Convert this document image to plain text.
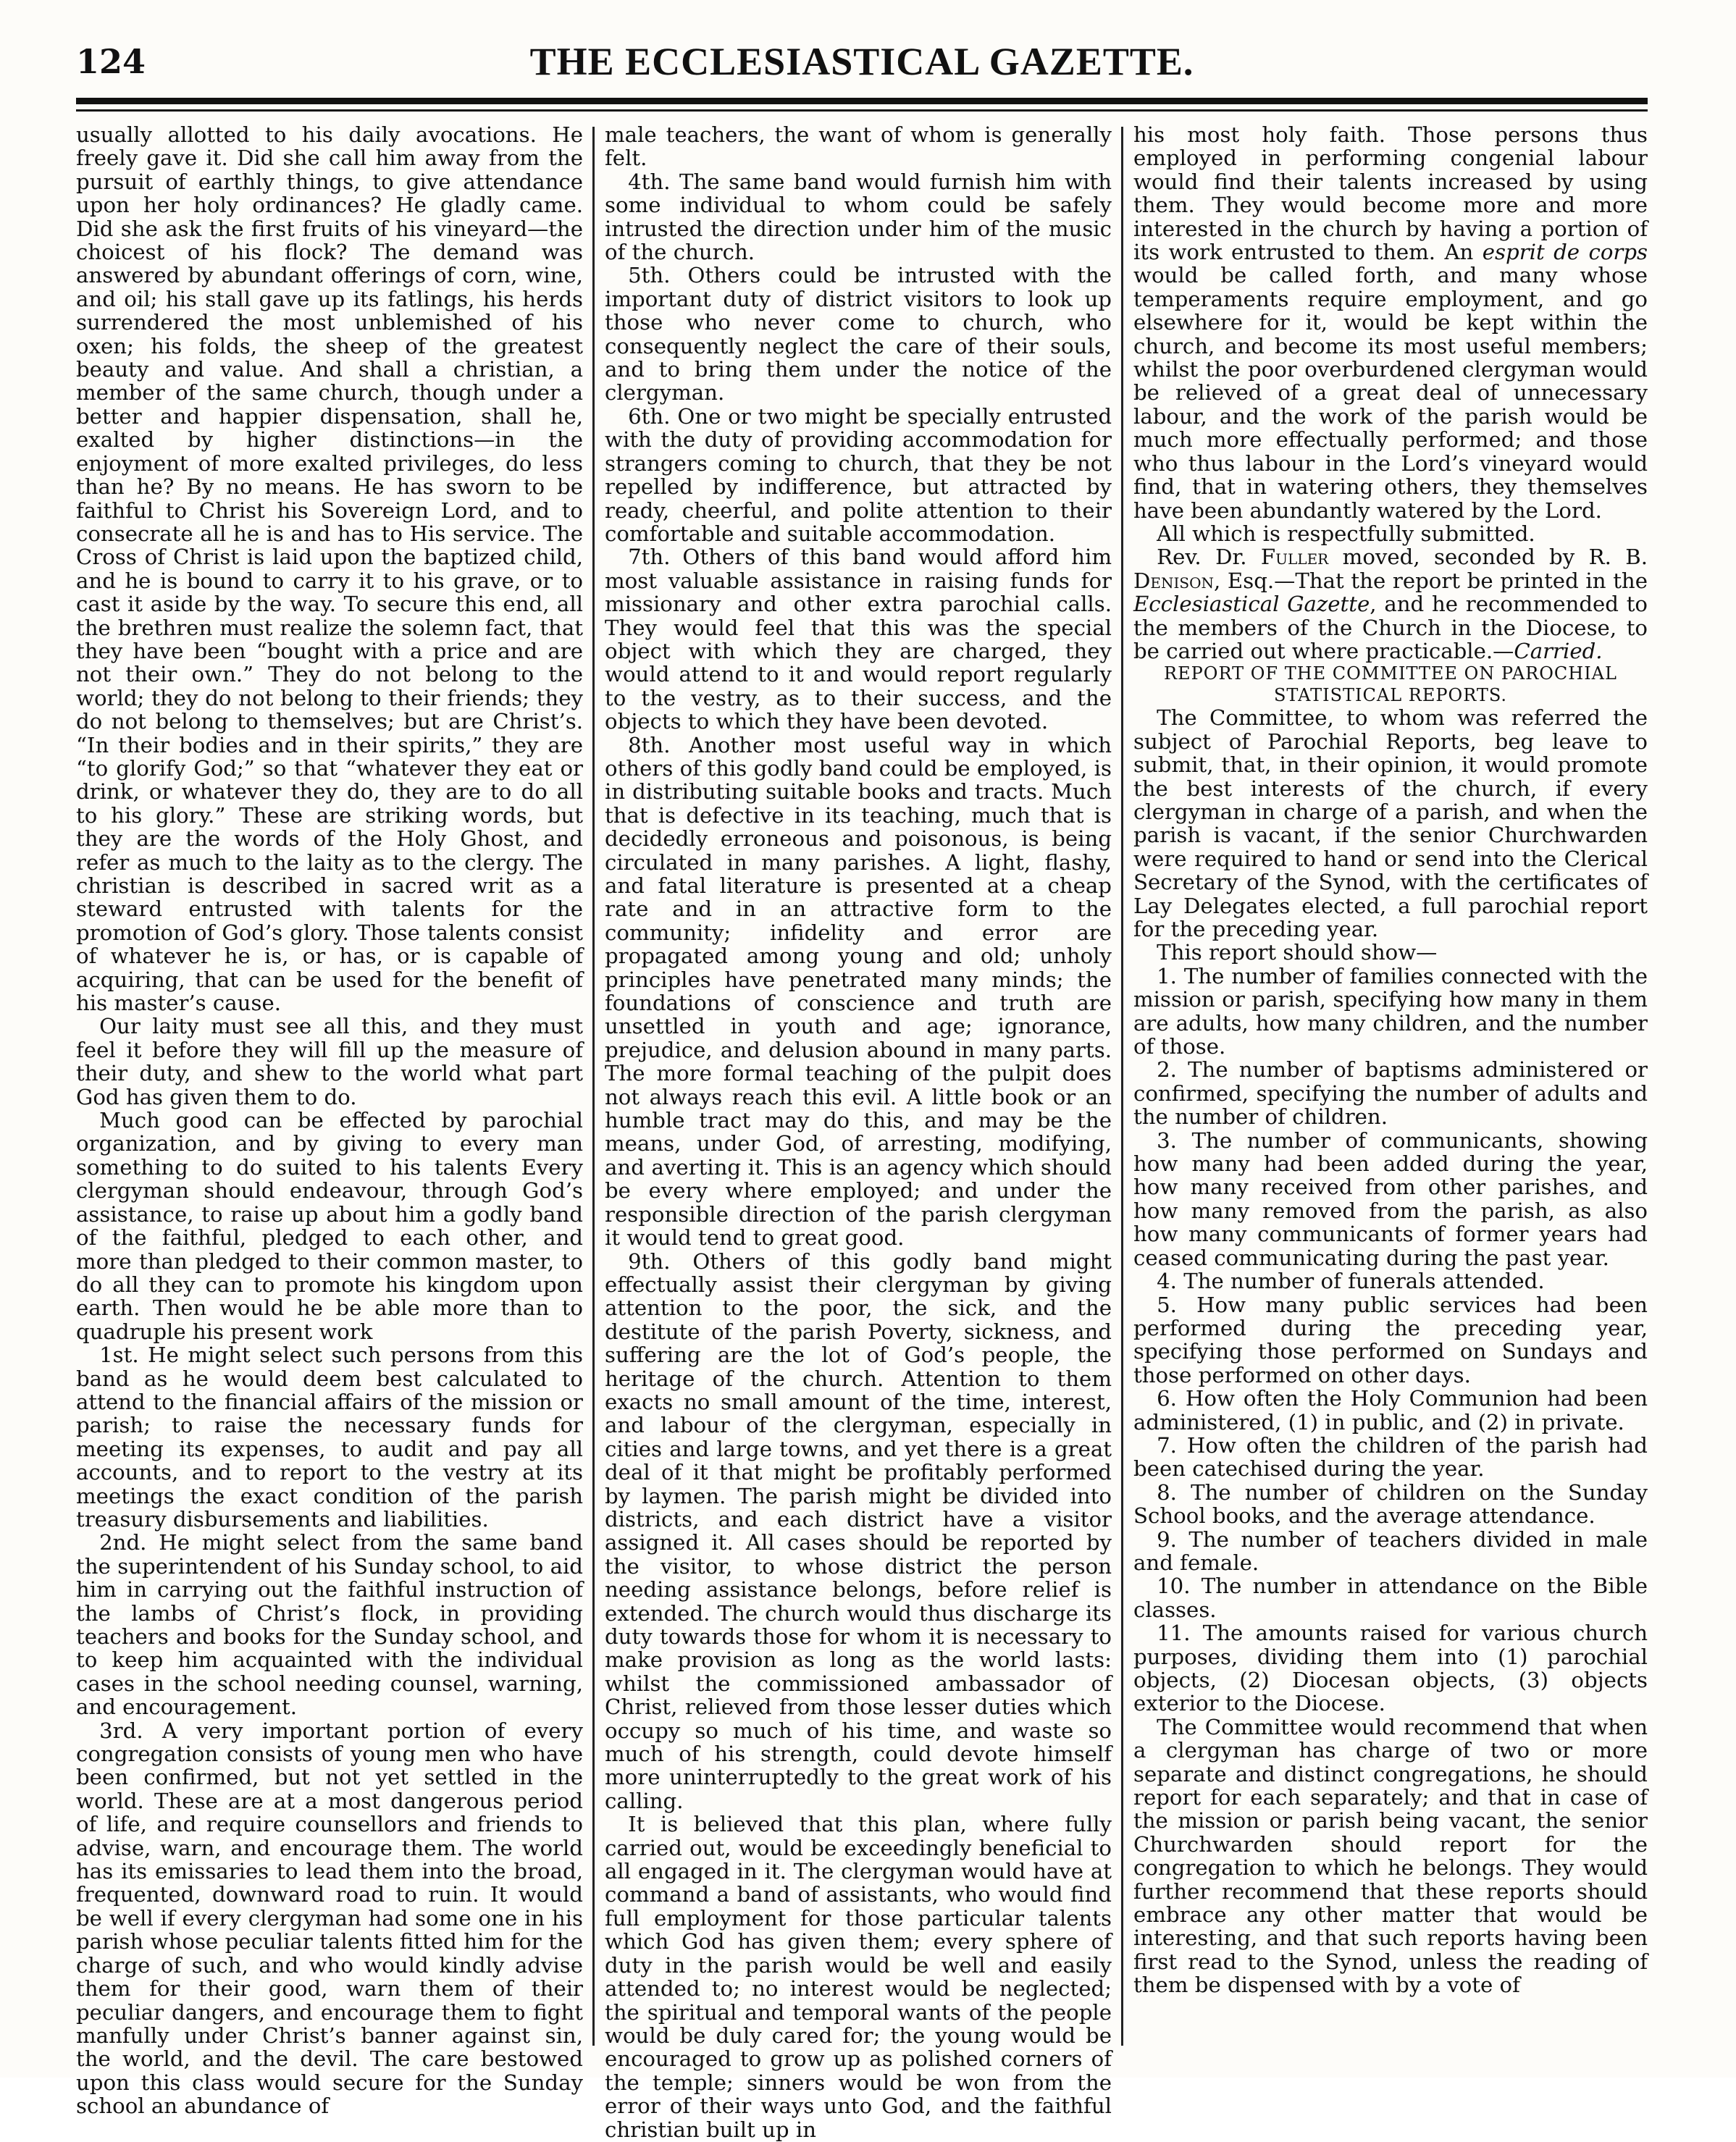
124	THE ECCLESIASTICAL GAZETTE.

usually allotted to his daily avocations. He freely gave it. Did she call him away from the pursuit of earthly things, to give attendance upon her holy ordinances? He gladly came. Did she ask the first fruits of his vineyard—the choicest of his flock? The demand was answered by abundant offerings of corn, wine, and oil; his stall gave up its fatlings, his herds surrendered the most unblemished of his oxen; his folds, the sheep of the greatest beauty and value. And shall a christian, a member of the same church, though under a better and happier dispensation, shall he, exalted by higher distinctions—in the enjoyment of more exalted privileges, do less than he? By no means. He has sworn to be faithful to Christ his Sovereign Lord, and to consecrate all he is and has to His service. The Cross of Christ is laid upon the baptized child, and he is bound to carry it to his grave, or to cast it aside by the way. To secure this end, all the brethren must realize the solemn fact, that they have been “bought with a price and are not their own.” They do not belong to the world; they do not belong to their friends; they do not belong to themselves; but are Christ’s. “In their bodies and in their spirits,” they are “to glorify God;” so that “whatever they eat or drink, or whatever they do, they are to do all to his glory.” These are striking words, but they are the words of the Holy Ghost, and refer as much to the laity as to the clergy. The christian is described in sacred writ as a steward entrusted with talents for the promotion of God’s glory. Those talents consist of whatever he is, or has, or is capable of acquiring, that can be used for the benefit of his master’s cause.

Our laity must see all this, and they must feel it before they will fill up the measure of their duty, and shew to the world what part God has given them to do.

Much good can be effected by parochial organization, and by giving to every man something to do suited to his talents Every clergyman should endeavour, through God’s assistance, to raise up about him a godly band of the faithful, pledged to each other, and more than pledged to their common master, to do all they can to promote his kingdom upon earth. Then would he be able more than to quadruple his present work

1st. He might select such persons from this band as he would deem best calculated to attend to the financial affairs of the mission or parish; to raise the necessary funds for meeting its expenses, to audit and pay all accounts, and to report to the vestry at its meetings the exact condition of the parish treasury disbursements and liabilities.

2nd. He might select from the same band the superintendent of his Sunday school, to aid him in carrying out the faithful instruction of the lambs of Christ’s flock, in providing teachers and books for the Sunday school, and to keep him acquainted with the individual cases in the school needing counsel, warning, and encouragement.

3rd. A very important portion of every congregation consists of young men who have been confirmed, but not yet settled in the world. These are at a most dangerous period of life, and require counsellors and friends to advise, warn, and encourage them. The world has its emissaries to lead them into the broad, frequented, downward road to ruin. It would be well if every clergyman had some one in his parish whose peculiar talents fitted him for the charge of such, and who would kindly advise them for their good, warn them of their peculiar dangers, and encourage them to fight manfully under Christ’s banner against sin, the world, and the devil. The care bestowed upon this class would secure for the Sunday school an abundance of

male teachers, the want of whom is generally felt.

4th. The same band would furnish him with some individual to whom could be safely intrusted the direction under him of the music of the church.

5th. Others could be intrusted with the important duty of district visitors to look up those who never come to church, who consequently neglect the care of their souls, and to bring them under the notice of the clergyman.

6th. One or two might be specially entrusted with the duty of providing accommodation for strangers coming to church, that they be not repelled by indifference, but attracted by ready, cheerful, and polite attention to their comfortable and suitable accommodation.

7th. Others of this band would afford him most valuable assistance in raising funds for missionary and other extra parochial calls. They would feel that this was the special object with which they are charged, they would attend to it and would report regularly to the vestry, as to their success, and the objects to which they have been devoted.

8th. Another most useful way in which others of this godly band could be employed, is in distributing suitable books and tracts. Much that is defective in its teaching, much that is decidedly erroneous and poisonous, is being circulated in many parishes. A light, flashy, and fatal literature is presented at a cheap rate and in an attractive form to the community; infidelity and error are propagated among young and old; unholy principles have penetrated many minds; the foundations of conscience and truth are unsettled in youth and age; ignorance, prejudice, and delusion abound in many parts. The more formal teaching of the pulpit does not always reach this evil. A little book or an humble tract may do this, and may be the means, under God, of arresting, modifying, and averting it. This is an agency which should be every where employed; and under the responsible direction of the parish clergyman it would tend to great good.

9th. Others of this godly band might effectually assist their clergyman by giving attention to the poor, the sick, and the destitute of the parish Poverty, sickness, and suffering are the lot of God’s people, the heritage of the church. Attention to them exacts no small amount of the time, interest, and labour of the clergyman, especially in cities and large towns, and yet there is a great deal of it that might be profitably performed by laymen. The parish might be divided into districts, and each district have a visitor assigned it. All cases should be reported by the visitor, to whose district the person needing assistance belongs, before relief is extended. The church would thus discharge its duty towards those for whom it is necessary to make provision as long as the world lasts: whilst the commissioned ambassador of Christ, relieved from those lesser duties which occupy so much of his time, and waste so much of his strength, could devote himself more uninterruptedly to the great work of his calling.

It is believed that this plan, where fully carried out, would be exceedingly beneficial to all engaged in it. The clergyman would have at command a band of assistants, who would find full employment for those particular talents which God has given them; every sphere of duty in the parish would be well and easily attended to; no interest would be neglected; the spiritual and temporal wants of the people would be duly cared for; the young would be encouraged to grow up as polished corners of the temple; sinners would be won from the error of their ways unto God, and the faithful christian built up in

his most holy faith. Those persons thus employed in performing congenial labour would find their talents increased by using them. They would become more and more interested in the church by having a portion of its work entrusted to them. An esprit de corps would be called forth, and many whose temperaments require employment, and go elsewhere for it, would be kept within the church, and become its most useful members; whilst the poor overburdened clergyman would be relieved of a great deal of unnecessary labour, and the work of the parish would be much more effectually performed; and those who thus labour in the Lord’s vineyard would find, that in watering others, they themselves have been abundantly watered by the Lord.

All which is respectfully submitted.

Rev. Dr. Fuller moved, seconded by R. B. Denison, Esq.—That the report be printed in the Ecclesiastical Gazette, and he recommended to the members of the Church in the Diocese, to be carried out where practicable.—Carried.

REPORT OF THE COMMITTEE ON PAROCHIAL STATISTICAL REPORTS.

The Committee, to whom was referred the subject of Parochial Reports, beg leave to submit, that, in their opinion, it would promote the best interests of the church, if every clergyman in charge of a parish, and when the parish is vacant, if the senior Churchwarden were required to hand or send into the Clerical Secretary of the Synod, with the certificates of Lay Delegates elected, a full parochial report for the preceding year.

This report should show—

1. The number of families connected with the mission or parish, specifying how many in them are adults, how many children, and the number of those.

2. The number of baptisms administered or confirmed, specifying the number of adults and the number of children.

3. The number of communicants, showing how many had been added during the year, how many received from other parishes, and how many removed from the parish, as also how many communicants of former years had ceased communicating during the past year.

4. The number of funerals attended.

5. How many public services had been performed during the preceding year, specifying those performed on Sundays and those performed on other days.

6. How often the Holy Communion had been administered, (1) in public, and (2) in private.

7. How often the children of the parish had been catechised during the year.

8. The number of children on the Sunday School books, and the average attendance.

9. The number of teachers divided in male and female.

10. The number in attendance on the Bible classes.

11. The amounts raised for various church purposes, dividing them into (1) parochial objects, (2) Diocesan objects, (3) objects exterior to the Diocese.

The Committee would recommend that when a clergyman has charge of two or more separate and distinct congregations, he should report for each separately; and that in case of the mission or parish being vacant, the senior Churchwarden should report for the congregation to which he belongs. They would further recommend that these reports should embrace any other matter that would be interesting, and that such reports having been first read to the Synod, unless the reading of them be dispensed with by a vote of
